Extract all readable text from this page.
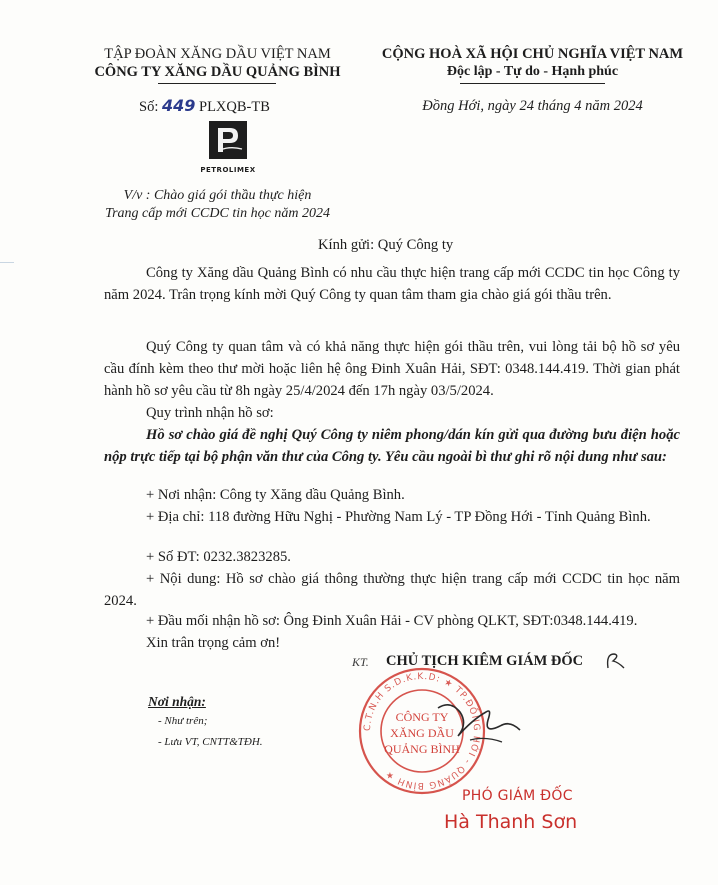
TẬP ĐOÀN XĂNG DẦU VIỆT NAM
CÔNG TY XĂNG DẦU QUẢNG BÌNH
Số: 449 PLXQB-TB
PETROLIMEX
V/v : Chào giá gói thầu thực hiện
Trang cấp mới CCDC tin học năm 2024
CỘNG HOÀ XÃ HỘI CHỦ NGHĨA VIỆT NAM
Độc lập - Tự do - Hạnh phúc
Đồng Hới, ngày 24 tháng 4 năm 2024
Kính gửi: Quý Công ty
Công ty Xăng dầu Quảng Bình có nhu cầu thực hiện trang cấp mới CCDC tin học Công ty năm 2024. Trân trọng kính mời Quý Công ty quan tâm tham gia chào giá gói thầu trên.
Quý Công ty quan tâm và có khả năng thực hiện gói thầu trên, vui lòng tải bộ hồ sơ yêu cầu đính kèm theo thư mời hoặc liên hệ ông Đinh Xuân Hải, SĐT: 0348.144.419. Thời gian phát hành hồ sơ yêu cầu từ 8h ngày 25/4/2024 đến 17h ngày 03/5/2024.
Quy trình nhận hồ sơ:
Hồ sơ chào giá đề nghị Quý Công ty niêm phong/dán kín gửi qua đường bưu điện hoặc nộp trực tiếp tại bộ phận văn thư của Công ty. Yêu cầu ngoài bì thư ghi rõ nội dung như sau:
+ Nơi nhận: Công ty Xăng dầu Quảng Bình.
+ Địa chỉ: 118 đường Hữu Nghị - Phường Nam Lý - TP Đồng Hới - Tỉnh Quảng Bình.
+ Số ĐT: 0232.3823285.
+ Nội dung: Hồ sơ chào giá thông thường thực hiện trang cấp mới CCDC tin học năm 2024.
+ Đầu mối nhận hồ sơ: Ông Đinh Xuân Hải - CV phòng QLKT, SĐT:0348.144.419.
Xin trân trọng cảm ơn!
Nơi nhận:
- Như trên;
- Lưu VT, CNTT&TĐH.
KT. CHỦ TỊCH KIÊM GIÁM ĐỐC
C.T.N.H S.D.K.K.D: ★ TP.ĐỒNG HỚI - QUẢNG BÌNH ★
CÔNG TY
XĂNG DẦU
QUẢNG BÌNH
PHÓ GIÁM ĐỐC
Hà Thanh Sơn
